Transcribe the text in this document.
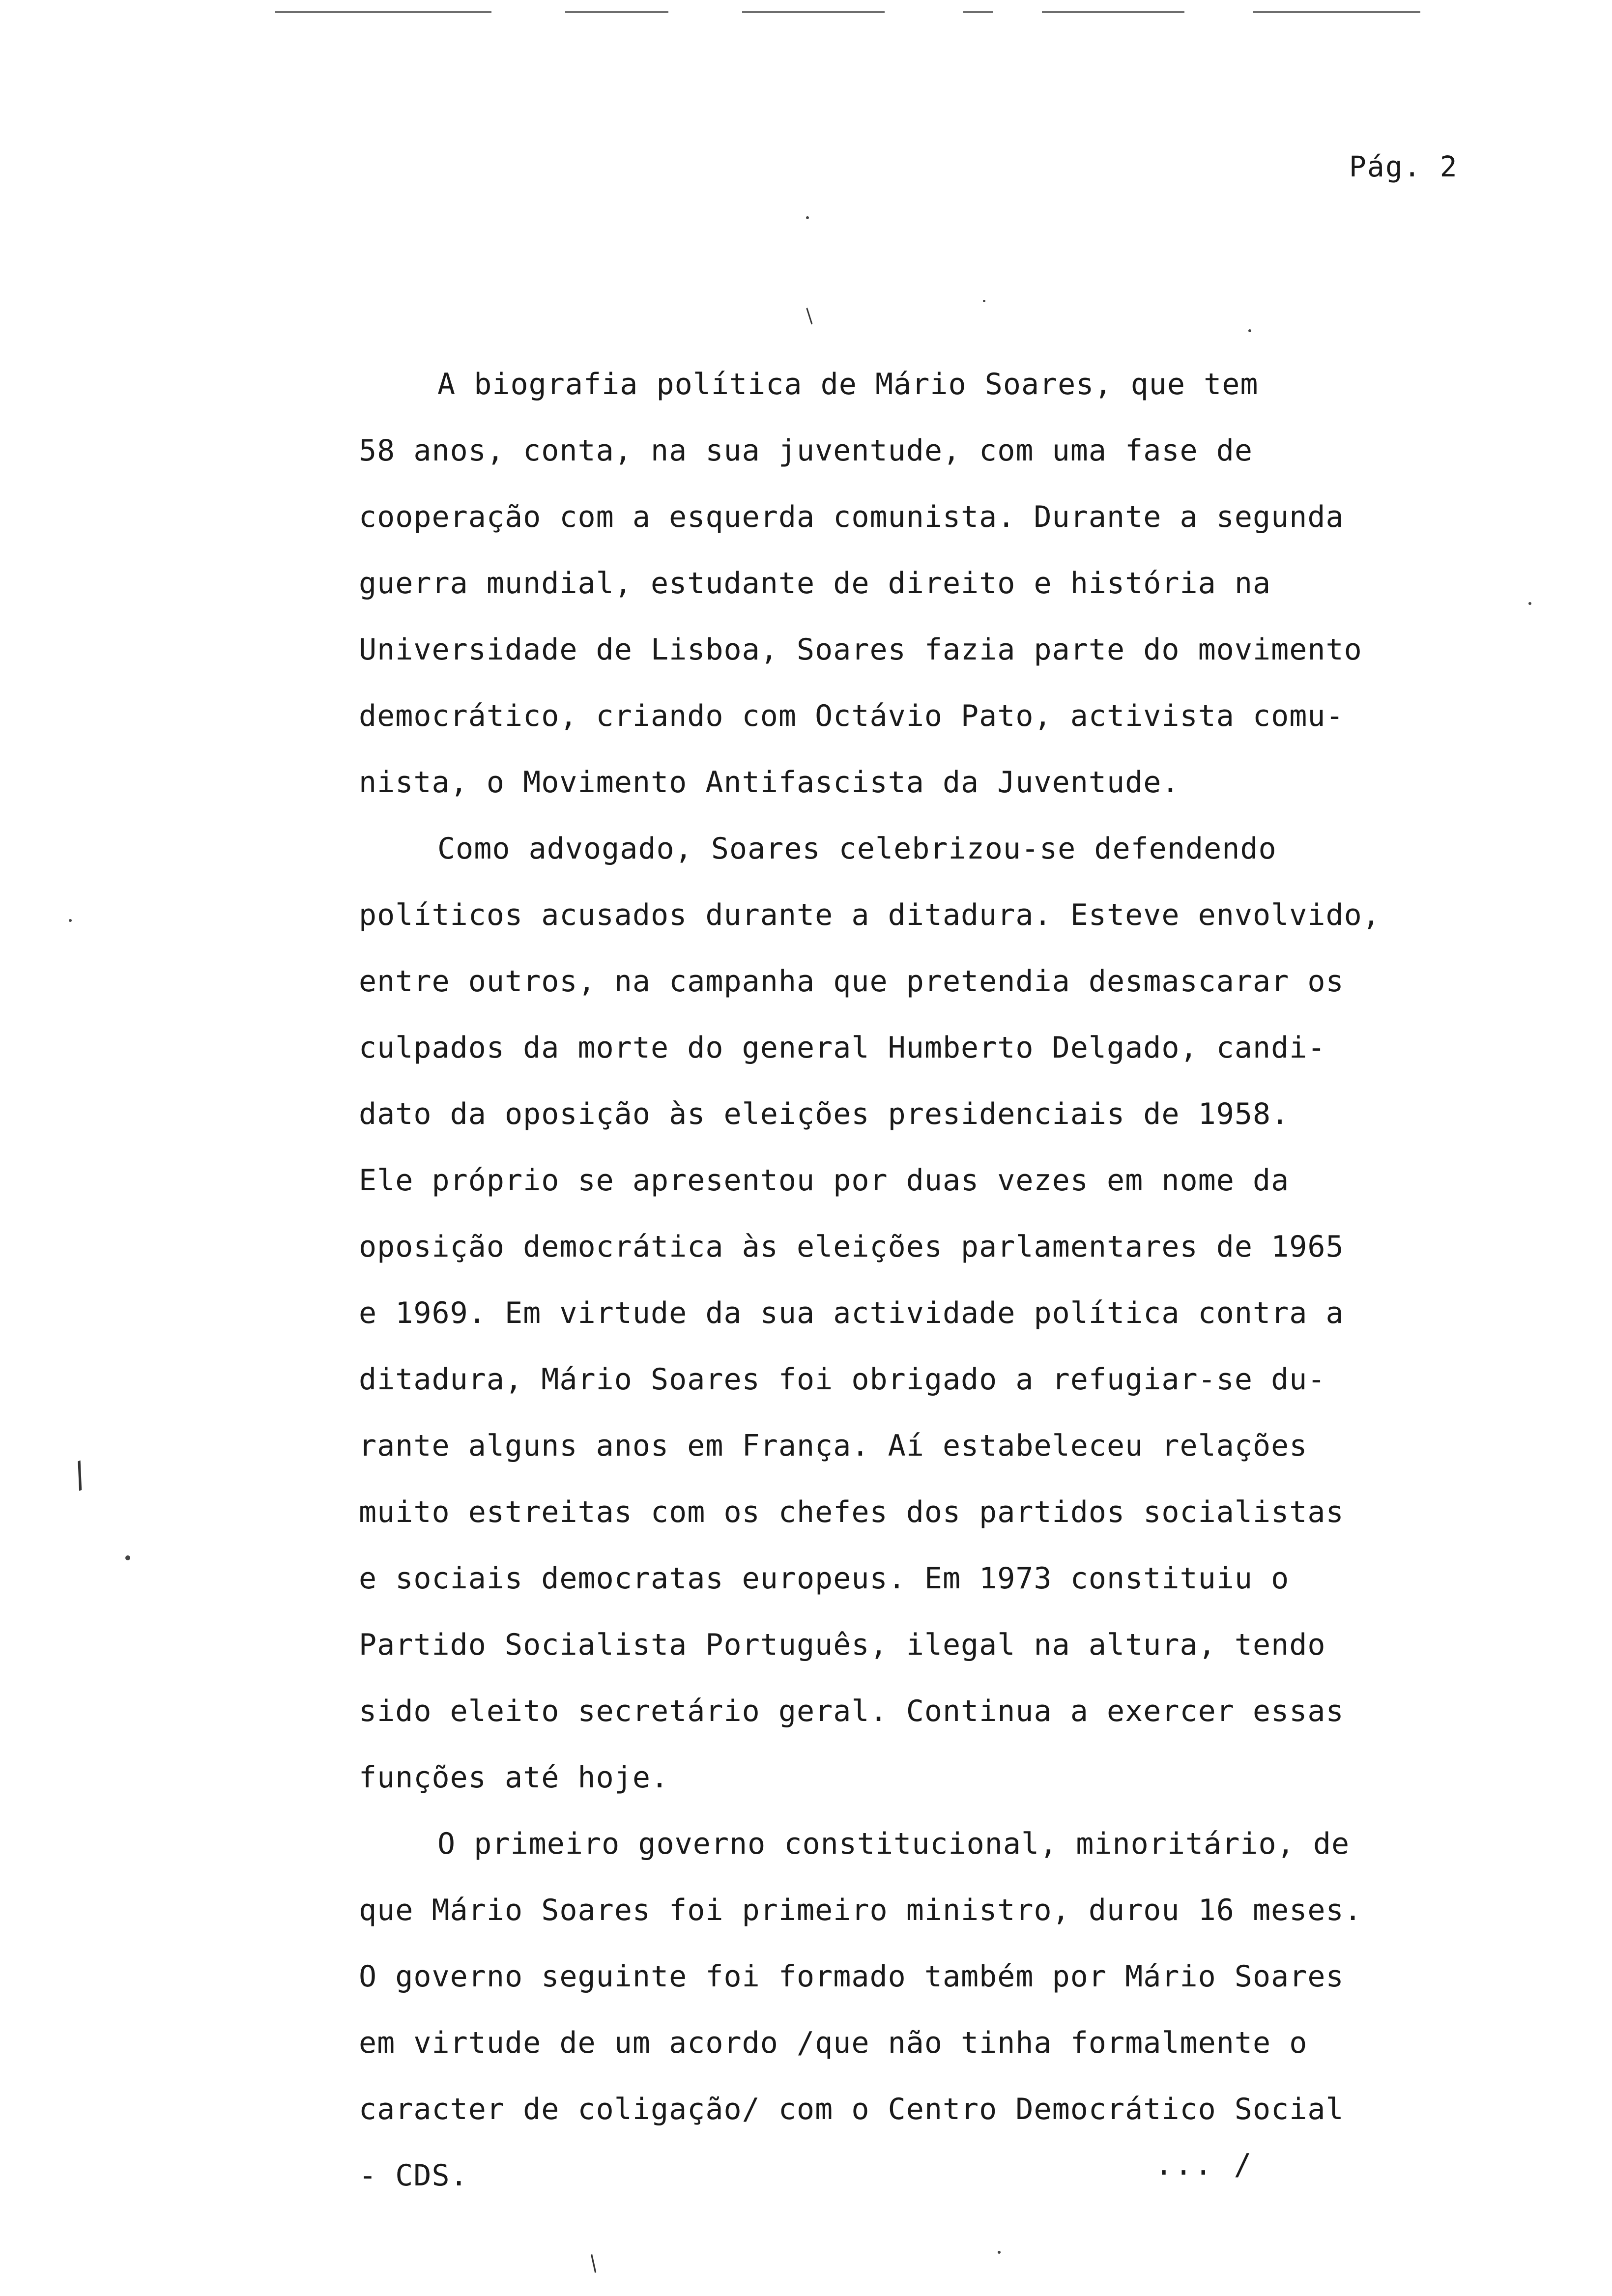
Pág. 2
A biografia política de Mário Soares, que tem
58 anos, conta, na sua juventude, com uma fase de
cooperação com a esquerda comunista. Durante a segunda
guerra mundial, estudante de direito e história na
Universidade de Lisboa, Soares fazia parte do movimento
democrático, criando com Octávio Pato, activista comu-
nista, o Movimento Antifascista da Juventude.
Como advogado, Soares celebrizou-se defendendo
políticos acusados durante a ditadura. Esteve envolvido,
entre outros, na campanha que pretendia desmascarar os
culpados da morte do general Humberto Delgado, candi-
dato da oposição às eleições presidenciais de 1958.
Ele próprio se apresentou por duas vezes em nome da
oposição democrática às eleições parlamentares de 1965
e 1969. Em virtude da sua actividade política contra a
ditadura, Mário Soares foi obrigado a refugiar-se du-
rante alguns anos em França. Aí estabeleceu relações
muito estreitas com os chefes dos partidos socialistas
e sociais democratas europeus. Em 1973 constituiu o
Partido Socialista Português, ilegal na altura, tendo
sido eleito secretário geral. Continua a exercer essas
funções até hoje.
O primeiro governo constitucional, minoritário, de
que Mário Soares foi primeiro ministro, durou 16 meses.
O governo seguinte foi formado também por Mário Soares
em virtude de um acordo /que não tinha formalmente o
caracter de coligação/ com o Centro Democrático Social
- CDS.	... /
/
/
/
